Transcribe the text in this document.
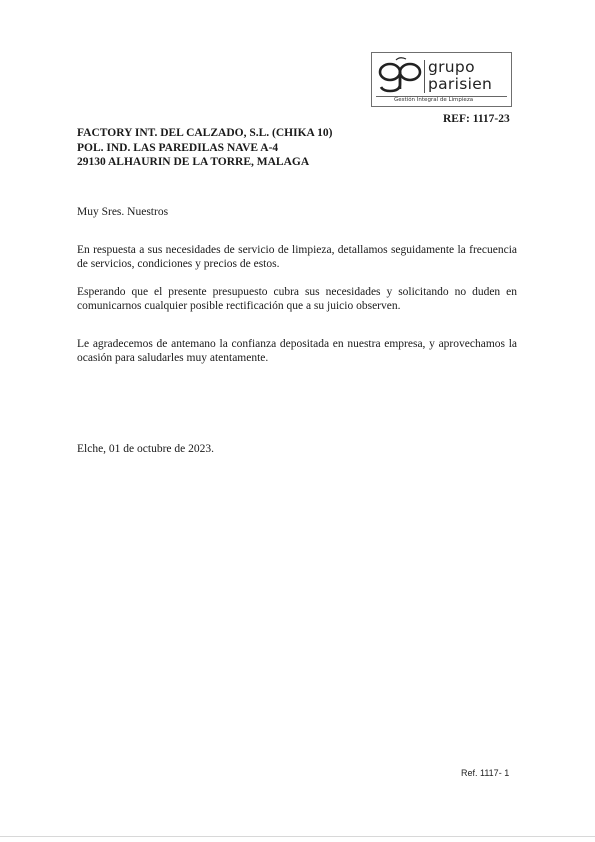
grupo
parisien
Gestión Integral de Limpieza
REF: 1117-23
FACTORY INT. DEL CALZADO, S.L. (CHIKA 10)
POL. IND. LAS PAREDILAS NAVE A-4
29130 ALHAURIN DE LA TORRE, MALAGA
Muy Sres. Nuestros
En respuesta a sus necesidades de servicio de limpieza, detallamos seguidamente la frecuencia de servicios, condiciones y precios de estos.
Esperando que el presente presupuesto cubra sus necesidades y solicitando no duden en comunicarnos cualquier posible rectificación que a su juicio observen.
Le agradecemos de antemano la confianza depositada en nuestra empresa, y aprovechamos la ocasión para saludarles muy atentamente.
Elche, 01 de octubre de 2023.
Ref. 1117- 1
